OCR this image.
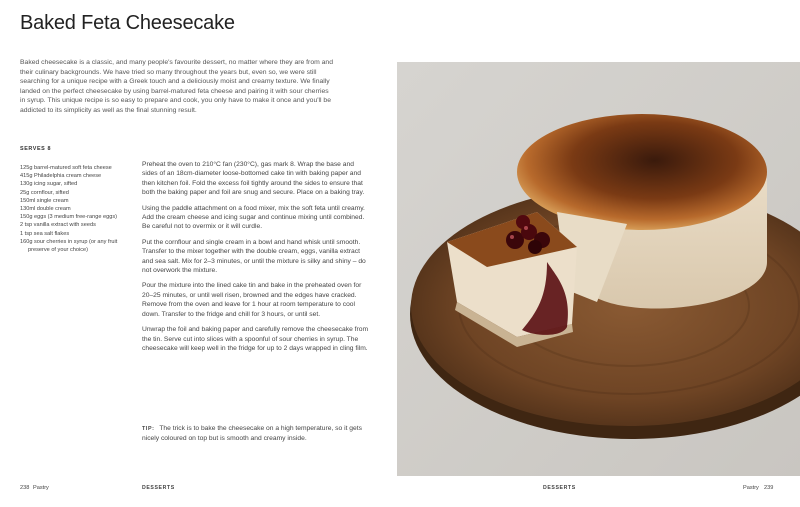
Baked Feta Cheesecake

Baked cheesecake is a classic, and many people's favourite dessert, no matter where they are from and their culinary backgrounds. We have tried so many throughout the years but, even so, we were still searching for a unique recipe with a Greek touch and a deliciously moist and creamy texture. We finally landed on the perfect cheesecake by using barrel-matured feta cheese and pairing it with sour cherries in syrup. This unique recipe is so easy to prepare and cook, you only have to make it once and you'll be addicted to its simplicity as well as the final stunning result.

SERVES 8
125g barrel-matured soft feta cheese
415g Philadelphia cream cheese
130g icing sugar, sifted
25g cornflour, sifted
150ml single cream
130ml double cream
150g eggs (3 medium free-range eggs)
2 tsp vanilla extract with seeds
1 tsp sea salt flakes
160g sour cherries in syrup (or any fruit
preserve of your choice)

Preheat the oven to 210°C fan (230°C), gas mark 8. Wrap the base and sides of an 18cm-diameter loose-bottomed cake tin with baking paper and then kitchen foil. Fold the excess foil tightly around the sides to ensure that both the baking paper and foil are snug and secure. Place on a baking tray.

Using the paddle attachment on a food mixer, mix the soft feta until creamy. Add the cream cheese and icing sugar and continue mixing until combined. Be careful not to overmix or it will curdle.

Put the cornflour and single cream in a bowl and hand whisk until smooth. Transfer to the mixer together with the double cream, eggs, vanilla extract and sea salt. Mix for 2–3 minutes, or until the mixture is silky and shiny – do not overwork the mixture.

Pour the mixture into the lined cake tin and bake in the preheated oven for 20–25 minutes, or until well risen, browned and the edges have cracked. Remove from the oven and leave for 1 hour at room temperature to cool down. Transfer to the fridge and chill for 3 hours, or until set.

Unwrap the foil and baking paper and carefully remove the cheesecake from the tin. Serve cut into slices with a spoonful of sour cherries in syrup. The cheesecake will keep well in the fridge for up to 2 days wrapped in cling film.

TIP: The trick is to bake the cheesecake on a high temperature, so it gets nicely coloured on top but is smooth and creamy inside.
238 Pastry	DESSERTS	DESSERTS	Pastry 239
